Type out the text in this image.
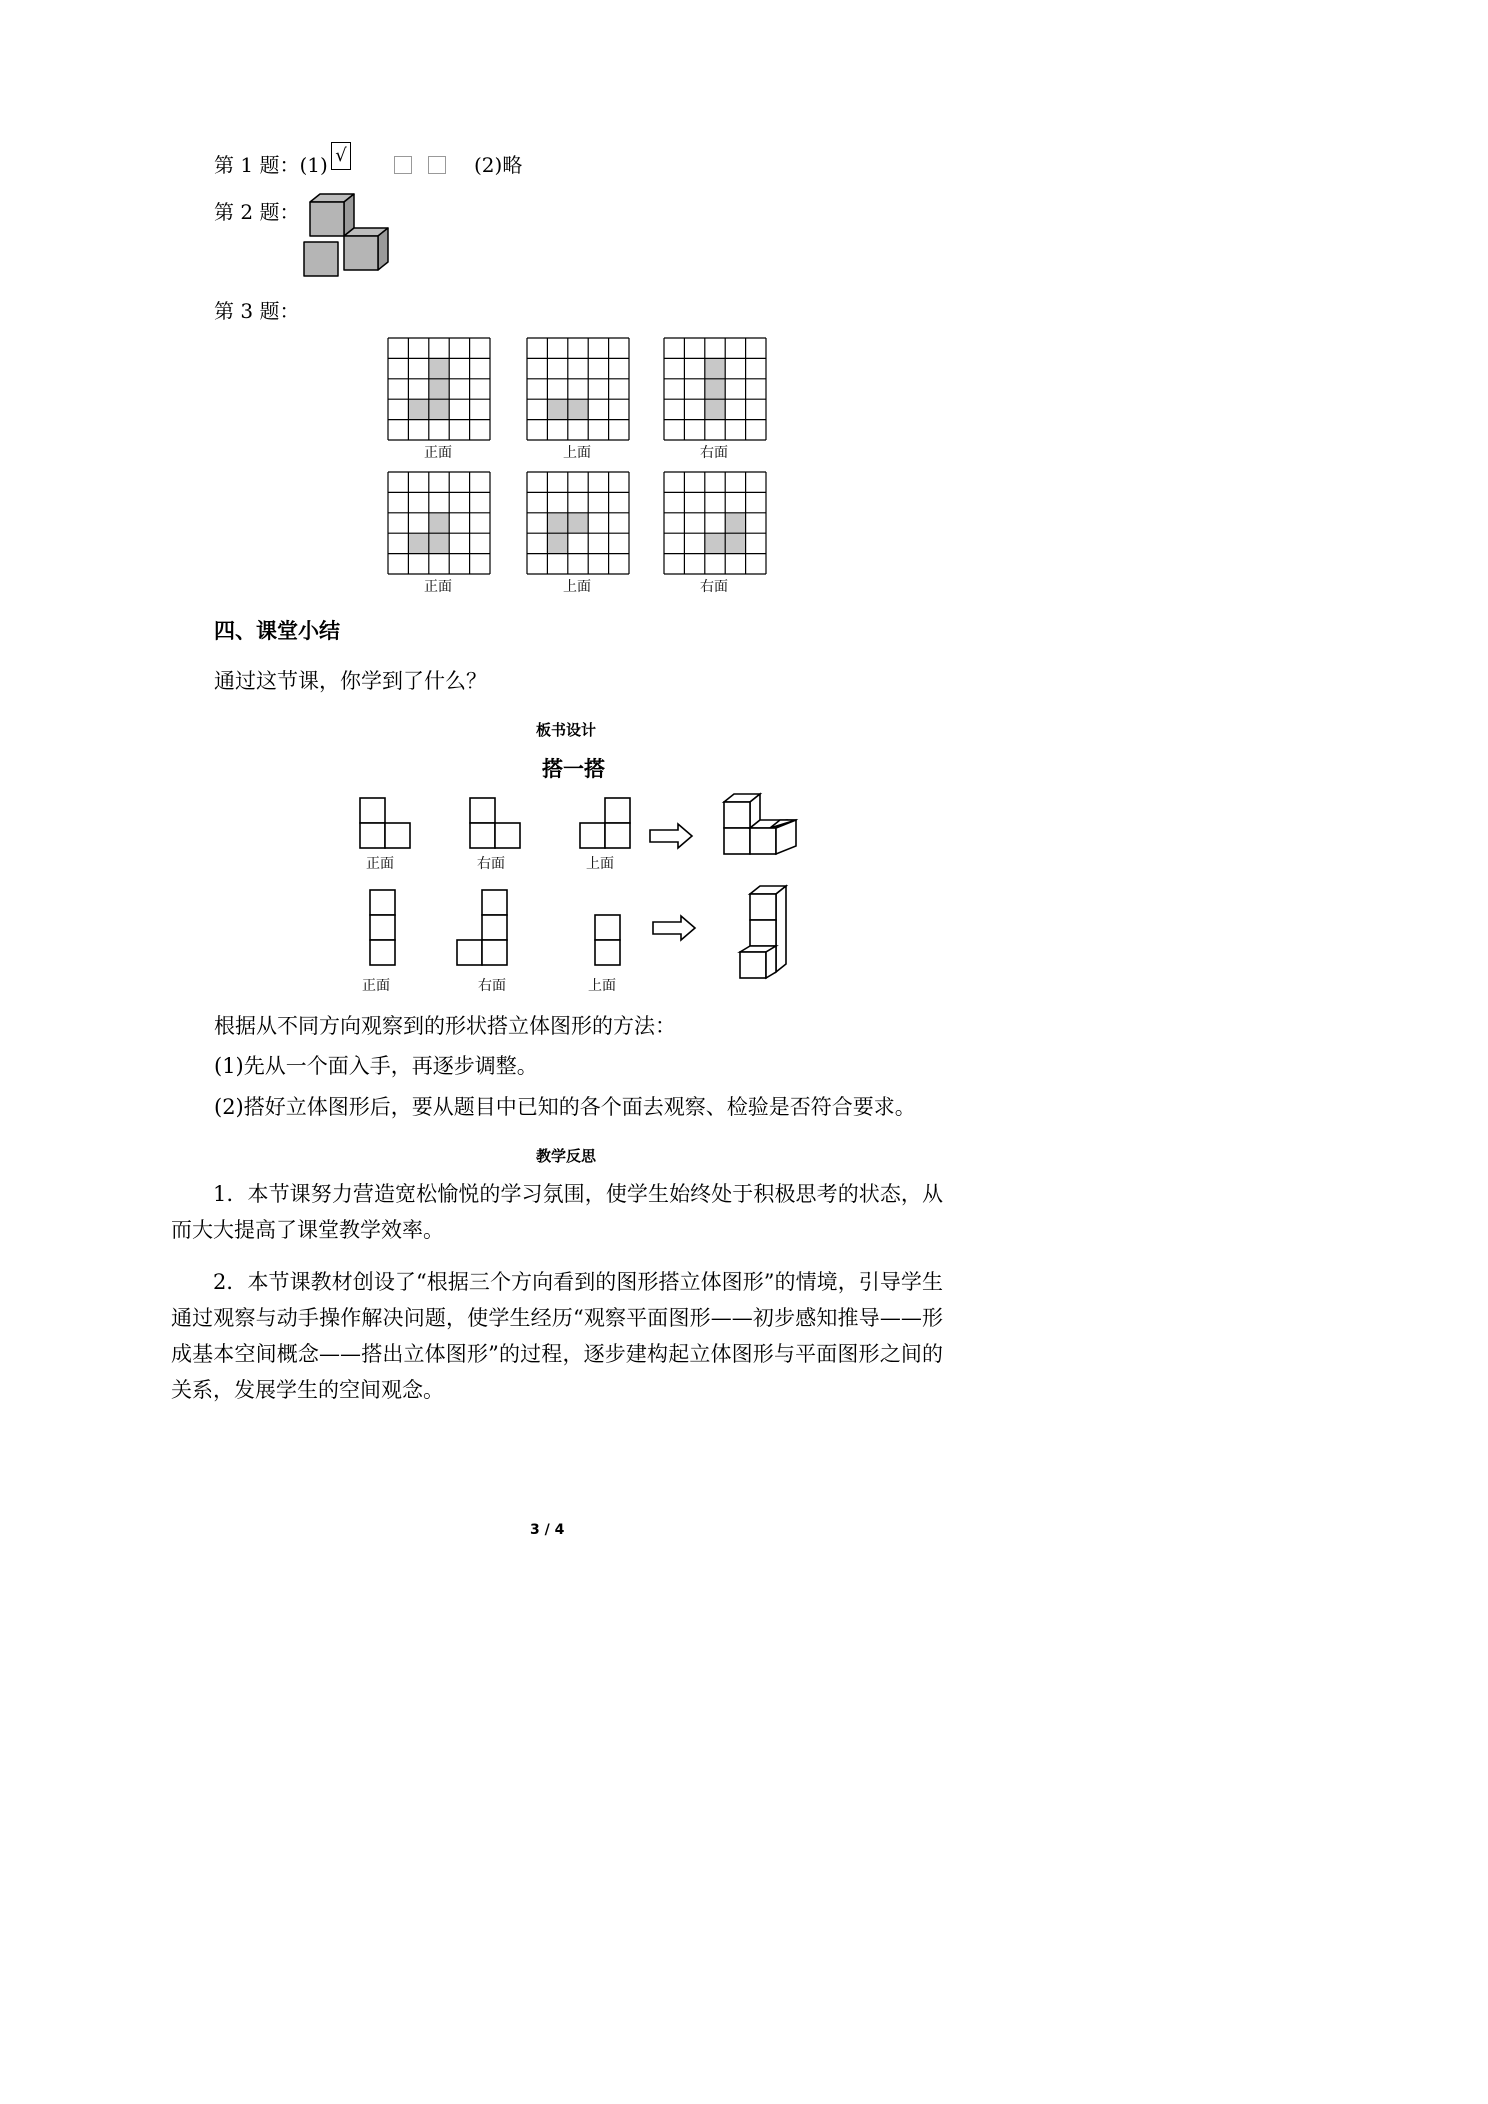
第 1 题：(1) √	(2)略
第 2 题：
第 3 题：
正面	上面	右面
正面	上面	右面
四、课堂小结
通过这节课，你学到了什么？
板书设计
搭一搭
正面	右面	上面
正面	右面	上面
根据从不同方向观察到的形状搭立体图形的方法：
(1)先从一个面入手，再逐步调整。
(2)搭好立体图形后，要从题目中已知的各个面去观察、检验是否符合要求。
教学反思
1．本节课努力营造宽松愉悦的学习氛围，使学生始终处于积极思考的状态，从而大大提高了课堂教学效率。
2．本节课教材创设了“根据三个方向看到的图形搭立体图形”的情境，引导学生通过观察与动手操作解决问题，使学生经历“观察平面图形——初步感知推导——形成基本空间概念——搭出立体图形”的过程，逐步建构起立体图形与平面图形之间的关系，发展学生的空间观念。
3 / 4
